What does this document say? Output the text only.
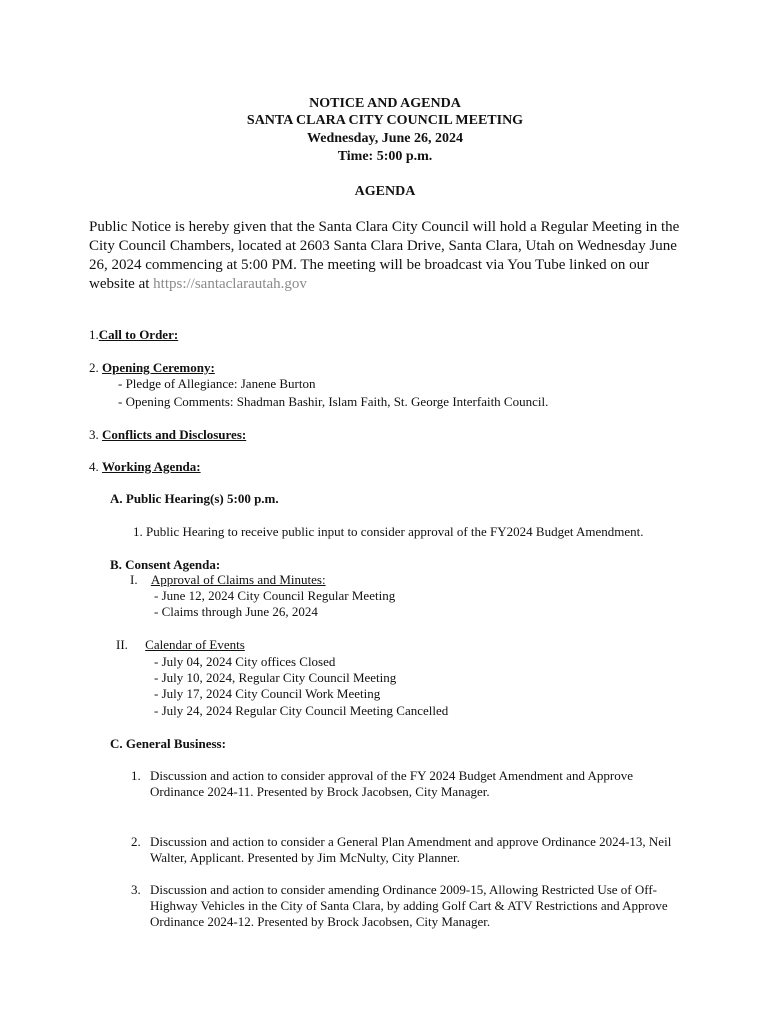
NOTICE AND AGENDA
SANTA CLARA CITY COUNCIL MEETING
Wednesday, June 26, 2024
Time: 5:00 p.m.
AGENDA
Public Notice is hereby given that the Santa Clara City Council will hold a Regular Meeting in the City Council Chambers, located at 2603 Santa Clara Drive, Santa Clara, Utah on Wednesday June 26, 2024 commencing at 5:00 PM. The meeting will be broadcast via You Tube linked on our website at https://santaclarautah.gov
1.Call to Order:
2. Opening Ceremony:
- Pledge of Allegiance: Janene Burton
- Opening Comments: Shadman Bashir, Islam Faith, St. George Interfaith Council.
3. Conflicts and Disclosures:
4. Working Agenda:
A. Public Hearing(s) 5:00 p.m.
1. Public Hearing to receive public input to consider approval of the FY2024 Budget Amendment.
B. Consent Agenda:
I. Approval of Claims and Minutes:
- June 12, 2024 City Council Regular Meeting
- Claims through June 26, 2024
II. Calendar of Events
- July 04, 2024 City offices Closed
- July 10, 2024, Regular City Council Meeting
- July 17, 2024 City Council Work Meeting
- July 24, 2024 Regular City Council Meeting Cancelled
C. General Business:
1. Discussion and action to consider approval of the FY 2024 Budget Amendment and Approve Ordinance 2024-11. Presented by Brock Jacobsen, City Manager.
2. Discussion and action to consider a General Plan Amendment and approve Ordinance 2024-13, Neil Walter, Applicant. Presented by Jim McNulty, City Planner.
3. Discussion and action to consider amending Ordinance 2009-15, Allowing Restricted Use of Off-Highway Vehicles in the City of Santa Clara, by adding Golf Cart & ATV Restrictions and Approve Ordinance 2024-12. Presented by Brock Jacobsen, City Manager.
